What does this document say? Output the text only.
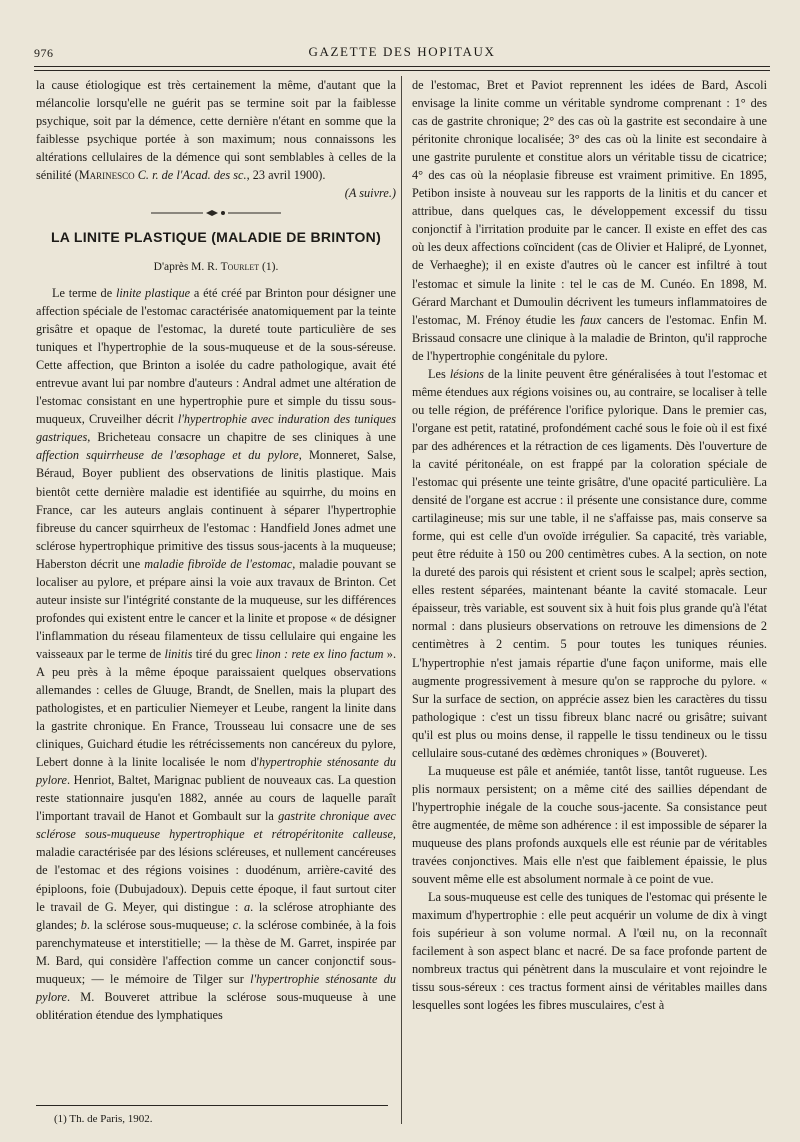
976	GAZETTE DES HOPITAUX

la cause étiologique est très certainement la même, d'autant que la mélancolie lorsqu'elle ne guérit pas se termine soit par la faiblesse psychique, soit par la démence, cette dernière n'étant en somme que la faiblesse psychique portée à son maximum; nous connaissons les altérations cellulaires de la démence qui sont semblables à celles de la sénilité (Marinesco C. r. de l'Acad. des sc., 23 avril 1900).

(A suivre.)

LA LINITE PLASTIQUE (MALADIE DE BRINTON)

D'après M. R. Tourlet (1).

Le terme de linite plastique a été créé par Brinton pour désigner une affection spéciale de l'estomac caractérisée anatomiquement par la teinte grisâtre et opaque de l'estomac, la dureté toute particulière de ses tuniques et l'hypertrophie de la sous-muqueuse et de la sous-séreuse. Cette affection, que Brinton a isolée du cadre pathologique, avait été entrevue avant lui par nombre d'auteurs : Andral admet une altération de l'estomac consistant en une hypertrophie pure et simple du tissu sous-muqueux, Cruveilher décrit l'hypertrophie avec induration des tuniques gastriques, Bricheteau consacre un chapitre de ses cliniques à une affection squirrheuse de l'œsophage et du pylore, Monneret, Salse, Béraud, Boyer publient des observations de linitis plastique. Mais bientôt cette dernière maladie est identifiée au squirrhe, du moins en France, car les auteurs anglais continuent à séparer l'hypertrophie fibreuse du cancer squirrheux de l'estomac : Handfield Jones admet une sclérose hypertrophique primitive des tissus sous-jacents à la muqueuse; Haberston décrit une maladie fibroïde de l'estomac, maladie pouvant se localiser au pylore, et prépare ainsi la voie aux travaux de Brinton. Cet auteur insiste sur l'intégrité constante de la muqueuse, sur les différences profondes qui existent entre le cancer et la linite et propose « de désigner l'inflammation du réseau filamenteux de tissu cellulaire qui engaine les vaisseaux par le terme de linitis tiré du grec linon : rete ex lino factum ». A peu près à la même époque paraissaient quelques observations allemandes : celles de Gluuge, Brandt, de Snellen, mais la plupart des pathologistes, et en particulier Niemeyer et Leube, rangent la linite dans la gastrite chronique. En France, Trousseau lui consacre une de ses cliniques, Guichard étudie les rétrécissements non cancéreux du pylore, Lebert donne à la linite localisée le nom d'hypertrophie sténosante du pylore. Henriot, Baltet, Marignac publient de nouveaux cas. La question reste stationnaire jusqu'en 1882, année au cours de laquelle paraît l'important travail de Hanot et Gombault sur la gastrite chronique avec sclérose sous-muqueuse hypertrophique et rétropéritonite calleuse, maladie caractérisée par des lésions scléreuses, et nullement cancéreuses de l'estomac et des régions voisines : duodénum, arrière-cavité des épiploons, foie (Dubujadoux). Depuis cette époque, il faut surtout citer le travail de G. Meyer, qui distingue : a. la sclérose atrophiante des glandes; b. la sclérose sous-muqueuse; c. la sclérose combinée, à la fois parenchymateuse et interstitielle; — la thèse de M. Garret, inspirée par M. Bard, qui considère l'affection comme un cancer conjonctif sous-muqueux; — le mémoire de Tilger sur l'hypertrophie sténosante du pylore. M. Bouveret attribue la sclérose sous-muqueuse à une oblitération étendue des lymphatiques

de l'estomac, Bret et Paviot reprennent les idées de Bard, Ascoli envisage la linite comme un véritable syndrome comprenant : 1° des cas de gastrite chronique; 2° des cas où la gastrite est secondaire à une péritonite chronique localisée; 3° des cas où la linite est secondaire à une gastrite purulente et constitue alors un véritable tissu de cicatrice; 4° des cas où la néoplasie fibreuse est vraiment primitive. En 1895, Petibon insiste à nouveau sur les rapports de la linitis et du cancer et attribue, dans quelques cas, le développement excessif du tissu conjonctif à l'irritation produite par le cancer. Il existe en effet des cas où les deux affections coïncident (cas de Olivier et Halipré, de Lyonnet, de Verhaeghe); il en existe d'autres où le cancer est infiltré à tout l'estomac et simule la linite : tel le cas de M. Cunéo. En 1898, M. Gérard Marchant et Dumoulin décrivent les tumeurs inflammatoires de l'estomac, M. Frénoy étudie les faux cancers de l'estomac. Enfin M. Brissaud consacre une clinique à la maladie de Brinton, qu'il rapproche de l'hypertrophie congénitale du pylore.

Les lésions de la linite peuvent être généralisées à tout l'estomac et même étendues aux régions voisines ou, au contraire, se localiser à telle ou telle région, de préférence l'orifice pylorique. Dans le premier cas, l'organe est petit, ratatiné, profondément caché sous le foie où il est fixé par des adhérences et la rétraction de ces ligaments. Dès l'ouverture de la cavité péritonéale, on est frappé par la coloration spéciale de l'estomac qui présente une teinte grisâtre, d'une opacité particulière. La densité de l'organe est accrue : il présente une consistance dure, comme cartilagineuse; mis sur une table, il ne s'affaisse pas, mais conserve sa forme, qui est celle d'un ovoïde irrégulier. Sa capacité, très variable, peut être réduite à 150 ou 200 centimètres cubes. A la section, on note la dureté des parois qui résistent et crient sous le scalpel; après section, elles restent séparées, maintenant béante la cavité stomacale. Leur épaisseur, très variable, est souvent six à huit fois plus grande qu'à l'état normal : dans plusieurs observations on retrouve les dimensions de 2 centimètres à 2 centim. 5 pour toutes les tuniques réunies. L'hypertrophie n'est jamais répartie d'une façon uniforme, mais elle augmente progressivement à mesure qu'on se rapproche du pylore. « Sur la surface de section, on apprécie assez bien les caractères du tissu pathologique : c'est un tissu fibreux blanc nacré ou grisâtre; suivant qu'il est plus ou moins dense, il rappelle le tissu tendineux ou le tissu cellulaire sous-cutané des œdèmes chroniques » (Bouveret).

La muqueuse est pâle et anémiée, tantôt lisse, tantôt rugueuse. Les plis normaux persistent; on a même cité des saillies dépendant de l'hypertrophie inégale de la couche sous-jacente. Sa consistance peut être augmentée, de même son adhérence : il est impossible de séparer la muqueuse des plans profonds auxquels elle est réunie par de véritables travées conjonctives. Mais elle n'est que faiblement épaissie, le plus souvent même elle est absolument normale à ce point de vue.

La sous-muqueuse est celle des tuniques de l'estomac qui présente le maximum d'hypertrophie : elle peut acquérir un volume de dix à vingt fois supérieur à son volume normal. A l'œil nu, on la reconnaît facilement à son aspect blanc et nacré. De sa face profonde partent de nombreux tractus qui pénètrent dans la musculaire et vont rejoindre le tissu sous-séreux : ces tractus forment ainsi de véritables mailles dans lesquelles sont logées les fibres musculaires, c'est à

(1) Th. de Paris, 1902.
